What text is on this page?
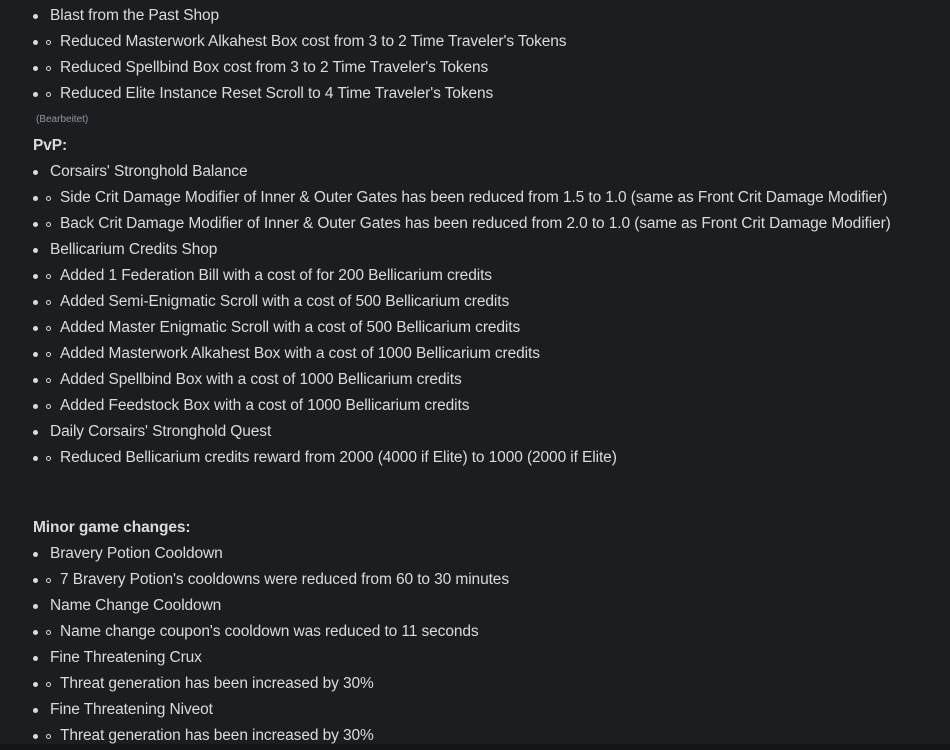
Blast from the Past Shop
Reduced Masterwork Alkahest Box cost from 3 to 2 Time Traveler's Tokens
Reduced Spellbind Box cost from 3 to 2 Time Traveler's Tokens
Reduced Elite Instance Reset Scroll to 4 Time Traveler's Tokens
(Bearbeitet)
PvP:
Corsairs' Stronghold Balance
Side Crit Damage Modifier of Inner & Outer Gates has been reduced from 1.5 to 1.0 (same as Front Crit Damage Modifier)
Back Crit Damage Modifier of Inner & Outer Gates has been reduced from 2.0 to 1.0 (same as Front Crit Damage Modifier)
Bellicarium Credits Shop
Added 1 Federation Bill with a cost of for 200 Bellicarium credits
Added Semi-Enigmatic Scroll with a cost of 500 Bellicarium credits
Added Master Enigmatic Scroll with a cost of 500 Bellicarium credits
Added Masterwork Alkahest Box with a cost of 1000 Bellicarium credits
Added Spellbind Box with a cost of 1000 Bellicarium credits
Added Feedstock Box with a cost of 1000 Bellicarium credits
Daily Corsairs' Stronghold Quest
Reduced Bellicarium credits reward from 2000 (4000 if Elite) to 1000 (2000 if Elite)
Minor game changes:
Bravery Potion Cooldown
7 Bravery Potion's cooldowns were reduced from 60 to 30 minutes
Name Change Cooldown
Name change coupon's cooldown was reduced to 11 seconds
Fine Threatening Crux
Threat generation has been increased by 30%
Fine Threatening Niveot
Threat generation has been increased by 30%
